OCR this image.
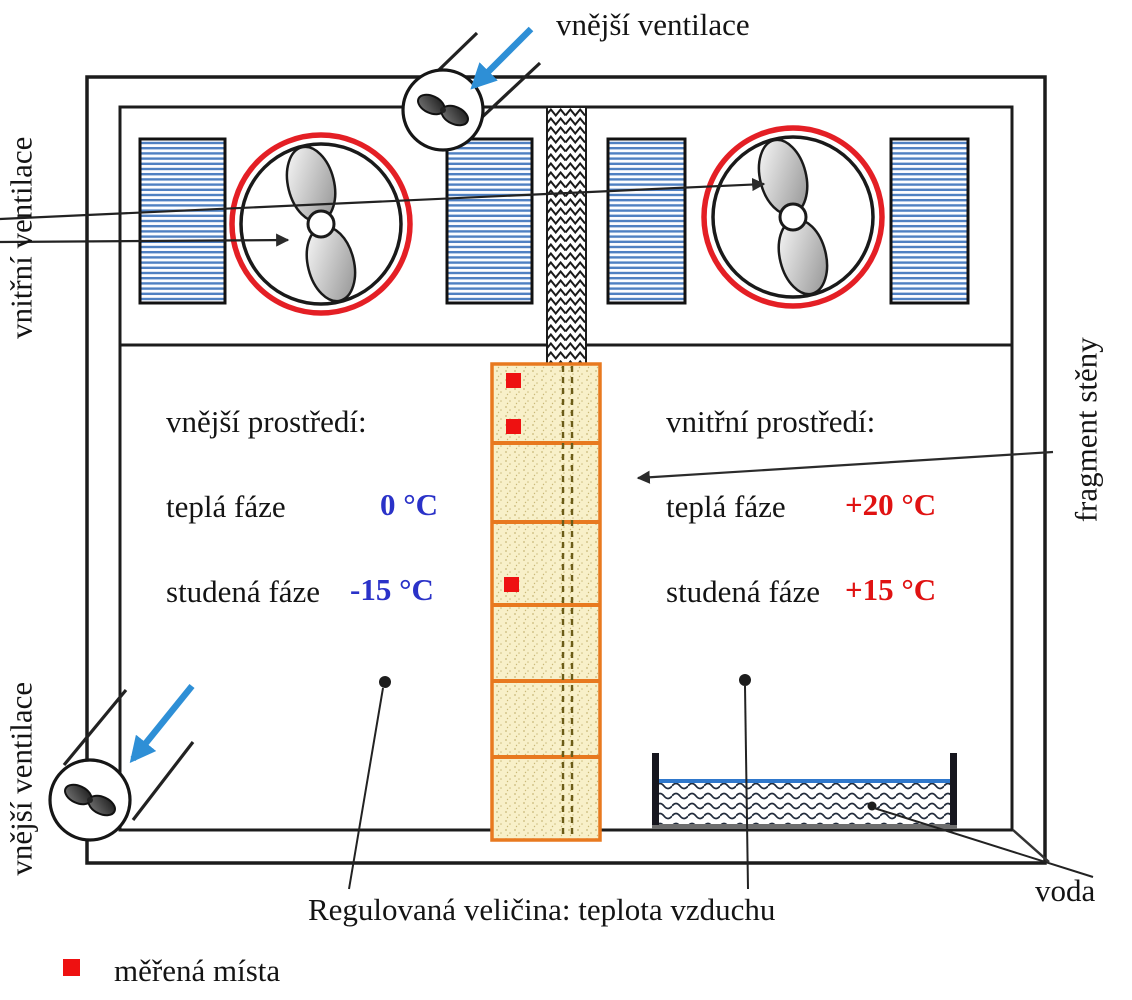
vnější ventilace
vnitřní ventilace
vnější ventilace
fragment stěny
vnější prostředí:
teplá fáze	0 °C
studená fáze -15 °C
vnitřní prostředí:
teplá fáze +20 °C
studená fáze +15 °C
Regulovaná veličina: teplota vzduchu
voda
měřená místa
